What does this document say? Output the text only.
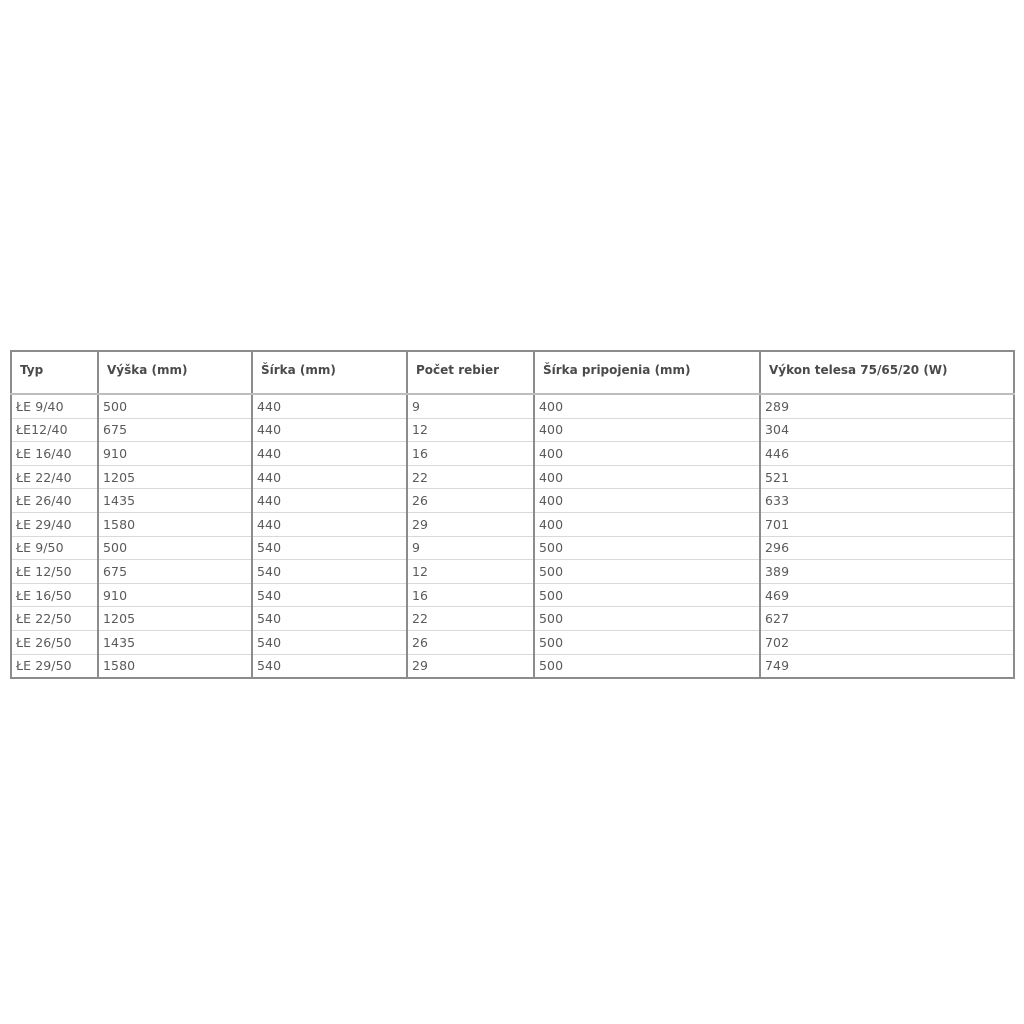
Typ	Výška (mm)	Šírka (mm)	Počet rebier	Šírka pripojenia (mm)	Výkon telesa 75/65/20 (W)
ŁE 9/40	500	440	9	400	289
ŁE12/40	675	440	12	400	304
ŁE 16/40	910	440	16	400	446
ŁE 22/40	1205	440	22	400	521
ŁE 26/40	1435	440	26	400	633
ŁE 29/40	1580	440	29	400	701
ŁE 9/50	500	540	9	500	296
ŁE 12/50	675	540	12	500	389
ŁE 16/50	910	540	16	500	469
ŁE 22/50	1205	540	22	500	627
ŁE 26/50	1435	540	26	500	702
ŁE 29/50	1580	540	29	500	749
